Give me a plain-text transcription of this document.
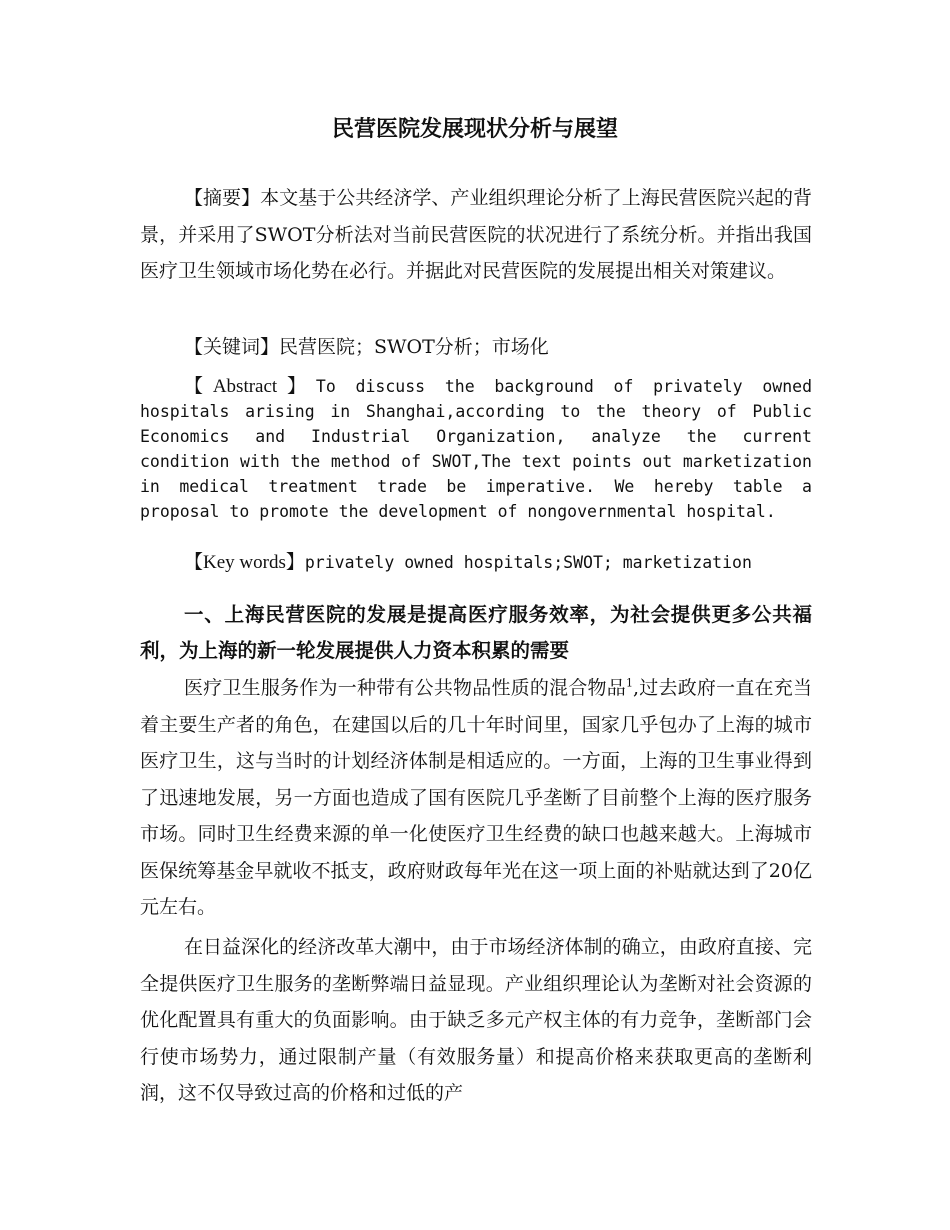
民营医院发展现状分析与展望
【摘要】本文基于公共经济学、产业组织理论分析了上海民营医院兴起的背景，并采用了SWOT分析法对当前民营医院的状况进行了系统分析。并指出我国医疗卫生领域市场化势在必行。并据此对民营医院的发展提出相关对策建议。
【关键词】民营医院；SWOT分析；市场化
【Abstract】To discuss the background of privately owned hospitals arising in Shanghai,according to the theory of Public Economics and Industrial Organization, analyze the current condition with the method of SWOT,The text points out marketization in medical treatment trade be imperative. We hereby table a proposal to promote the development of nongovernmental hospital.
【Key words】privately owned hospitals;SWOT; marketization
一、上海民营医院的发展是提高医疗服务效率，为社会提供更多公共福利，为上海的新一轮发展提供人力资本积累的需要
医疗卫生服务作为一种带有公共物品性质的混合物品$^1$,过去政府一直在充当着主要生产者的角色，在建国以后的几十年时间里，国家几乎包办了上海的城市医疗卫生，这与当时的计划经济体制是相适应的。一方面，上海的卫生事业得到了迅速地发展，另一方面也造成了国有医院几乎垄断了目前整个上海的医疗服务市场。同时卫生经费来源的单一化使医疗卫生经费的缺口也越来越大。上海城市医保统筹基金早就收不抵支，政府财政每年光在这一项上面的补贴就达到了20亿元左右。
在日益深化的经济改革大潮中，由于市场经济体制的确立，由政府直接、完全提供医疗卫生服务的垄断弊端日益显现。产业组织理论认为垄断对社会资源的优化配置具有重大的负面影响。由于缺乏多元产权主体的有力竞争，垄断部门会行使市场势力，通过限制产量（有效服务量）和提高价格来获取更高的垄断利润，这不仅导致过高的价格和过低的产
